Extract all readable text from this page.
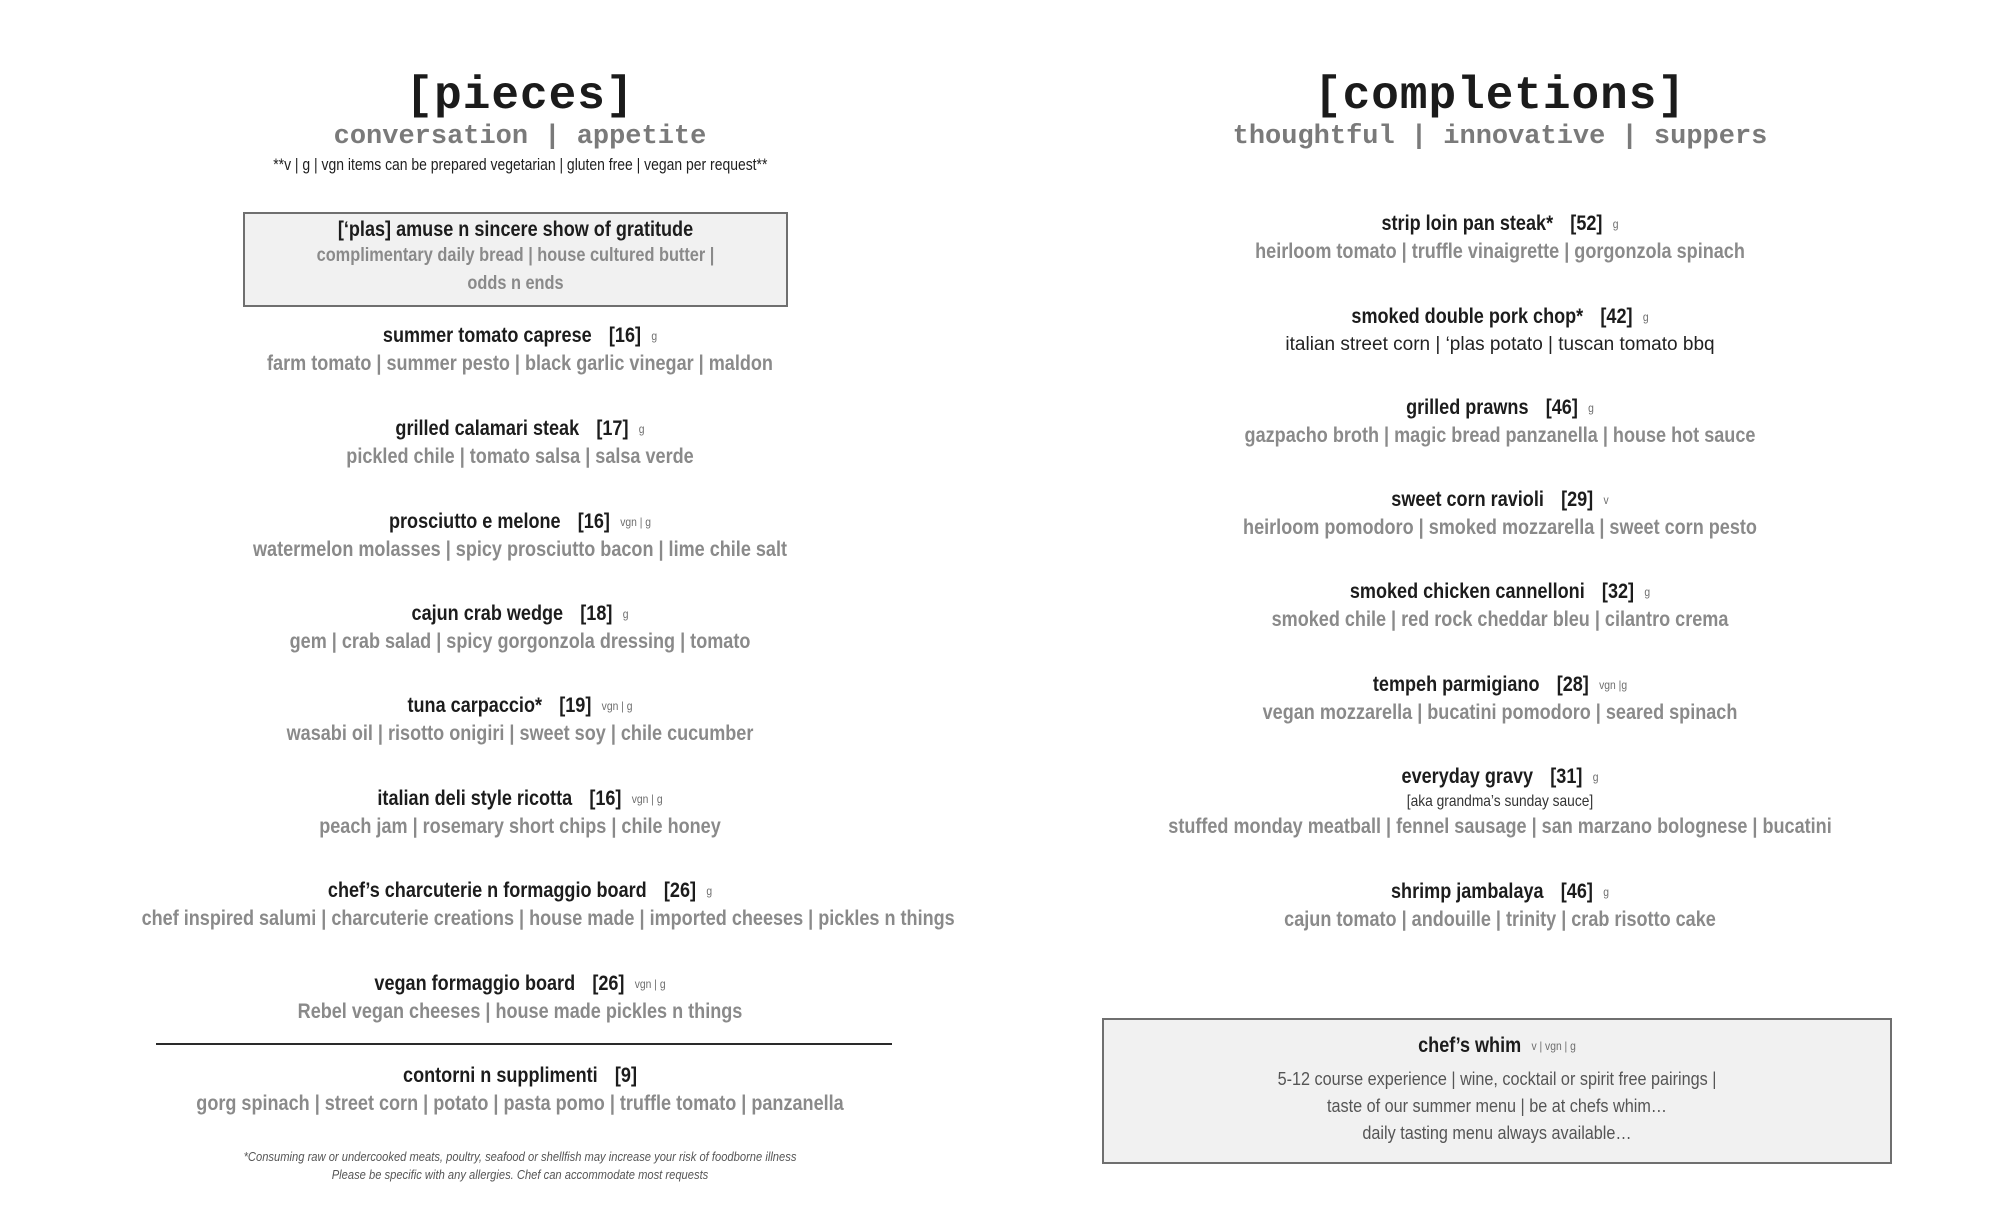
[pieces]
conversation | appetite
**v | g | vgn items can be prepared vegetarian | gluten free | vegan per request**
[‘plas] amuse n sincere show of gratitude
complimentary daily bread | house cultured butter |
odds n ends
summer tomato caprese [16] g
farm tomato | summer pesto | black garlic vinegar | maldon
grilled calamari steak [17] g
pickled chile | tomato salsa | salsa verde
prosciutto e melone [16] vgn | g
watermelon molasses | spicy prosciutto bacon | lime chile salt
cajun crab wedge [18] g
gem | crab salad | spicy gorgonzola dressing | tomato
tuna carpaccio* [19] vgn | g
wasabi oil | risotto onigiri | sweet soy | chile cucumber
italian deli style ricotta [16] vgn | g
peach jam | rosemary short chips | chile honey
chef’s charcuterie n formaggio board [26] g
chef inspired salumi | charcuterie creations | house made | imported cheeses | pickles n things
vegan formaggio board [26] vgn | g
Rebel vegan cheeses | house made pickles n things
contorni n supplimenti [9]
gorg spinach | street corn | potato | pasta pomo | truffle tomato | panzanella
*Consuming raw or undercooked meats, poultry, seafood or shellfish may increase your risk of foodborne illness
Please be specific with any allergies. Chef can accommodate most requests
[completions]
thoughtful | innovative | suppers
strip loin pan steak* [52] g
heirloom tomato | truffle vinaigrette | gorgonzola spinach
smoked double pork chop* [42] g
italian street corn | ‘plas potato | tuscan tomato bbq
grilled prawns [46] g
gazpacho broth | magic bread panzanella | house hot sauce
sweet corn ravioli [29] v
heirloom pomodoro | smoked mozzarella | sweet corn pesto
smoked chicken cannelloni [32] g
smoked chile | red rock cheddar bleu | cilantro crema
tempeh parmigiano [28] vgn |g
vegan mozzarella | bucatini pomodoro | seared spinach
everyday gravy [31] g
[aka grandma’s sunday sauce]
stuffed monday meatball | fennel sausage | san marzano bolognese | bucatini
shrimp jambalaya [46] g
cajun tomato | andouille | trinity | crab risotto cake
chef’s whim v | vgn | g
5-12 course experience | wine, cocktail or spirit free pairings |
taste of our summer menu | be at chefs whim…
daily tasting menu always available…
